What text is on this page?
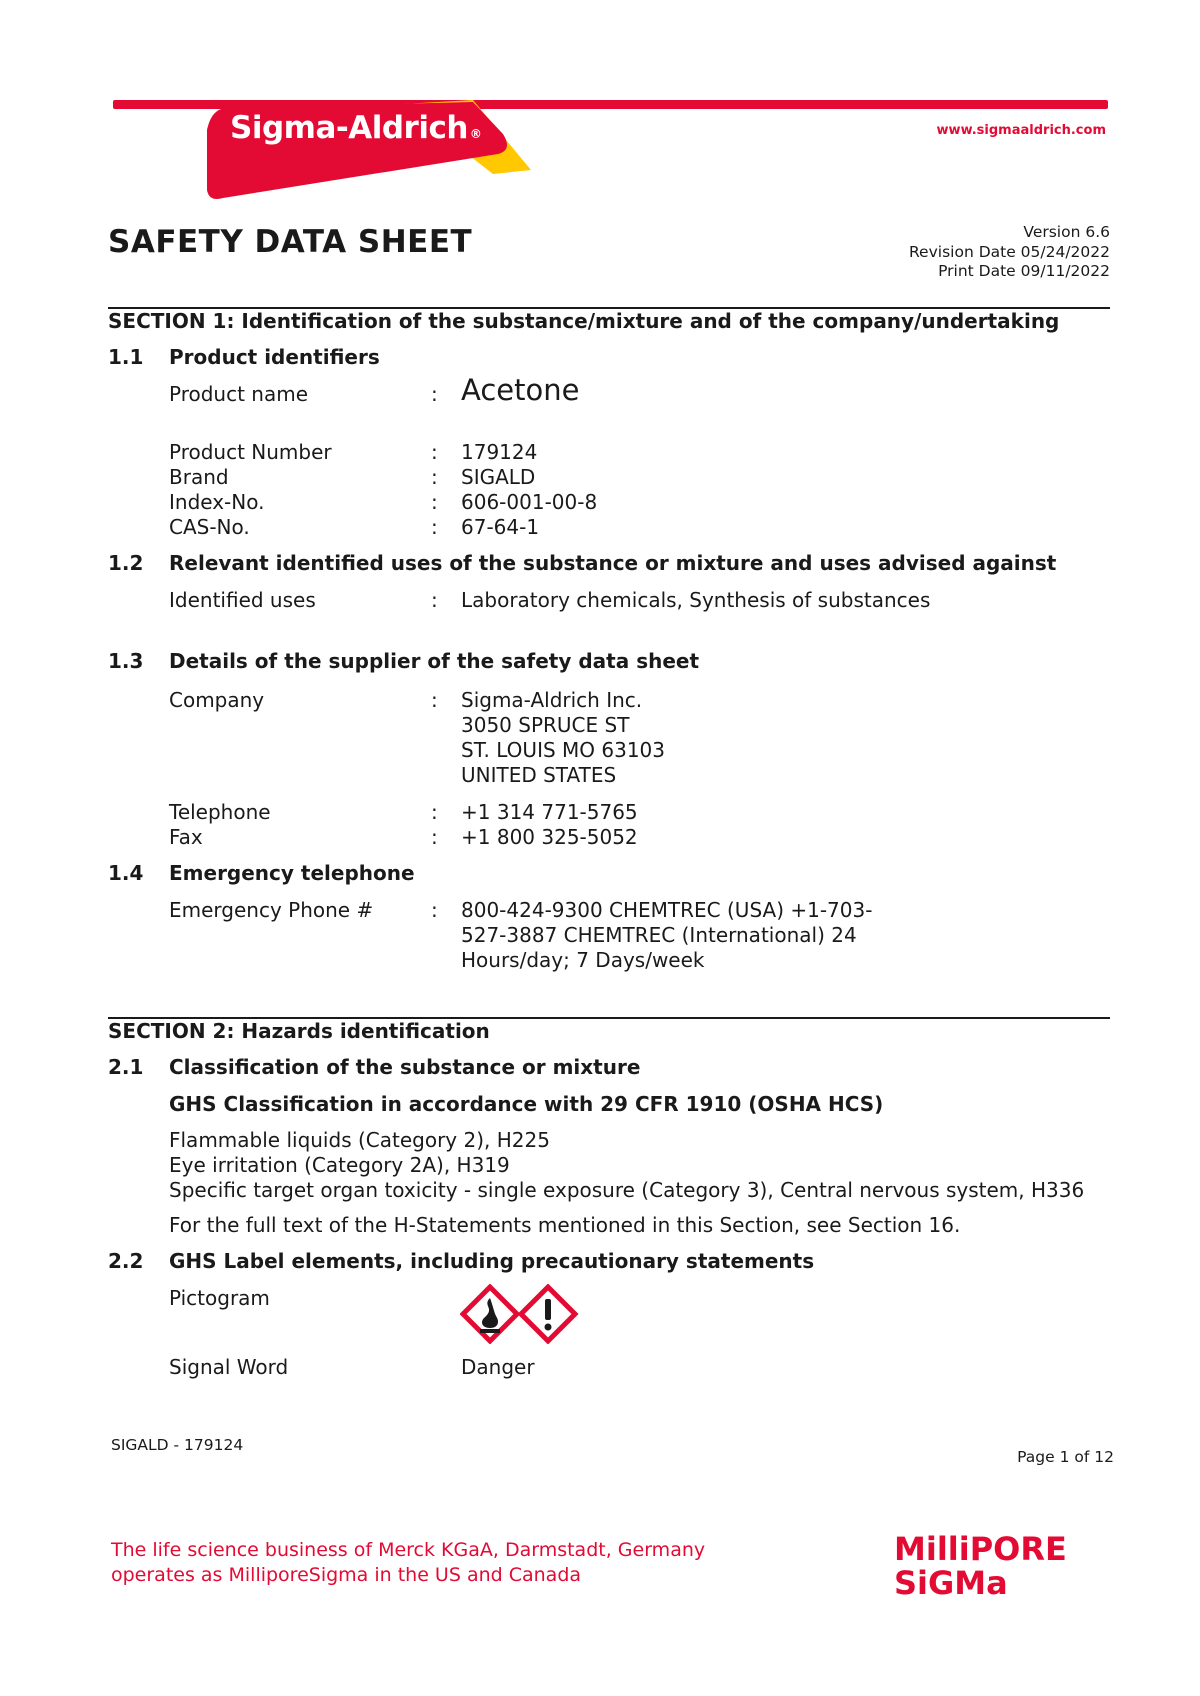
Sigma-Aldrich ®	www.sigmaaldrich.com
SAFETY DATA SHEET	Version 6.6
Revision Date 05/24/2022
Print Date 09/11/2022
SECTION 1: Identification of the substance/mixture and of the company/undertaking
1.1 Product identifiers
Product name	: Acetone
Product Number	: 179124
Brand	: SIGALD
Index-No.	: 606-001-00-8
CAS-No.	: 67-64-1
1.2 Relevant identified uses of the substance or mixture and uses advised against
Identified uses	: Laboratory chemicals, Synthesis of substances
1.3 Details of the supplier of the safety data sheet
Company	: Sigma-Aldrich Inc.
3050 SPRUCE ST
ST. LOUIS MO 63103
UNITED STATES
Telephone	: +1 314 771-5765
Fax	: +1 800 325-5052
1.4 Emergency telephone
Emergency Phone #	: 800-424-9300 CHEMTREC (USA) +1-703-
527-3887 CHEMTREC (International) 24
Hours/day; 7 Days/week
SECTION 2: Hazards identification
2.1 Classification of the substance or mixture
GHS Classification in accordance with 29 CFR 1910 (OSHA HCS)
Flammable liquids (Category 2), H225
Eye irritation (Category 2A), H319
Specific target organ toxicity - single exposure (Category 3), Central nervous system, H336
For the full text of the H-Statements mentioned in this Section, see Section 16.
2.2 GHS Label elements, including precautionary statements
Pictogram
Signal Word	Danger
SIGALD - 179124
Page 1 of 12
The life science business of Merck KGaA, Darmstadt, Germany
operates as MilliporeSigma in the US and Canada
MilliPORE
SiGMa
